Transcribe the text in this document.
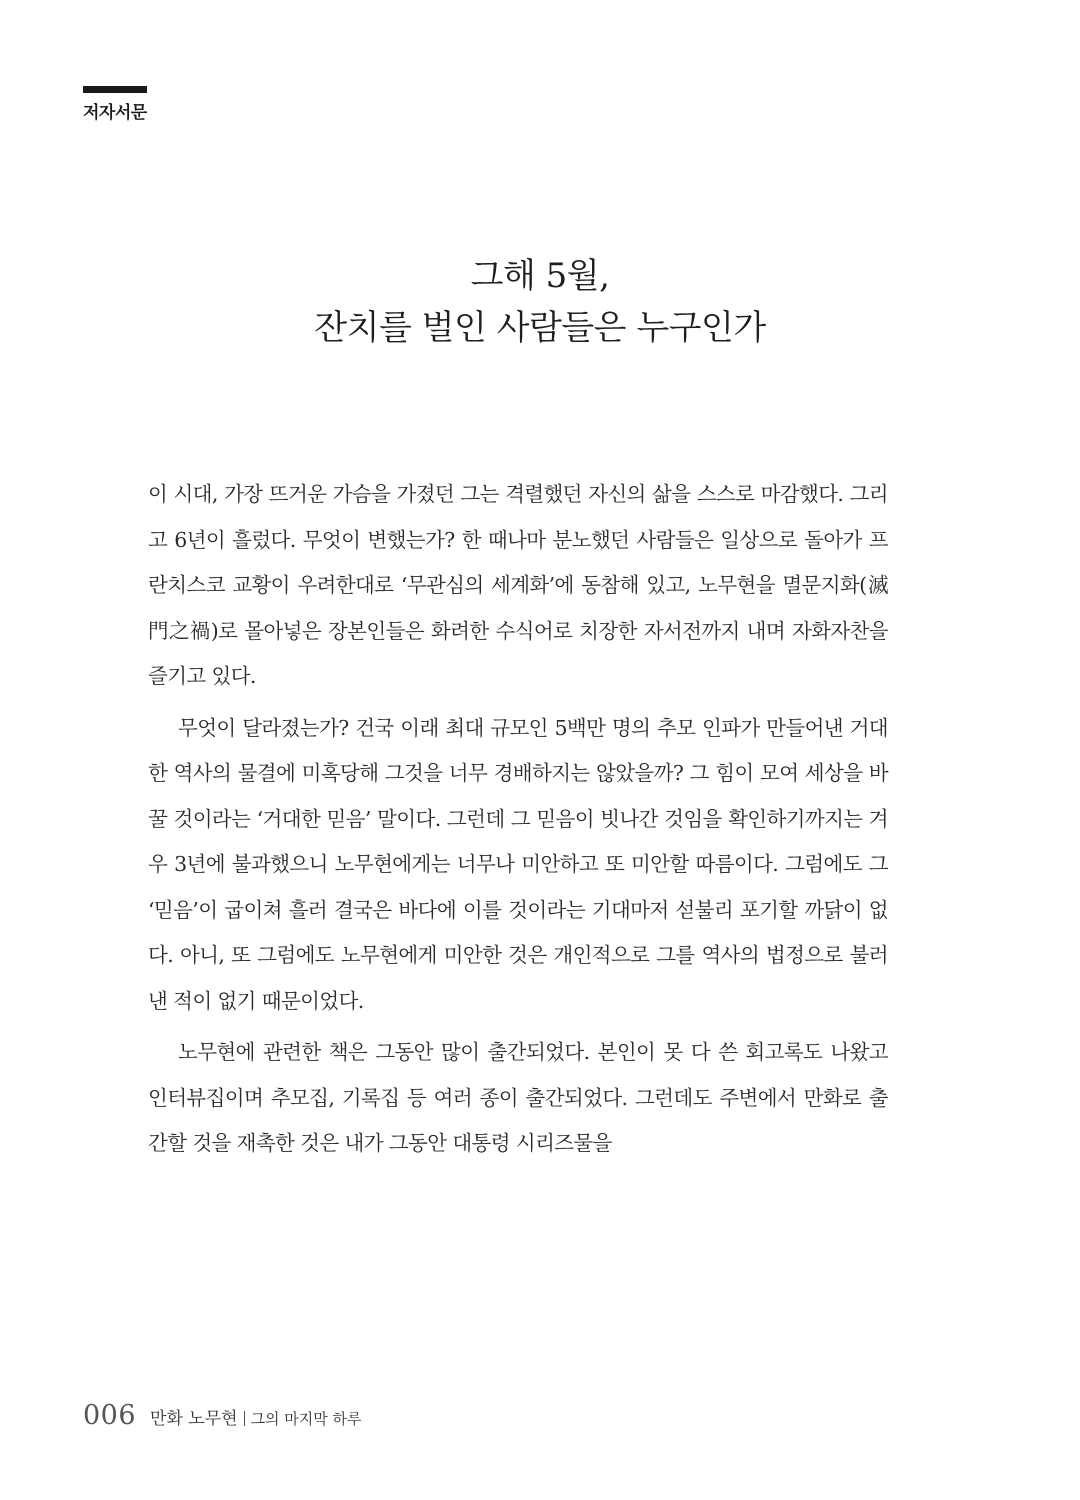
저자서문
그해 5월,
잔치를 벌인 사람들은 누구인가

이 시대, 가장 뜨거운 가슴을 가졌던 그는 격렬했던 자신의 삶을 스스로 마감했다. 그리고 6년이 흘렀다. 무엇이 변했는가? 한 때나마 분노했던 사람들은 일상으로 돌아가 프란치스코 교황이 우려한대로 ‘무관심의 세계화’에 동참해 있고, 노무현을 멸문지화(滅門之禍)로 몰아넣은 장본인들은 화려한 수식어로 치장한 자서전까지 내며 자화자찬을 즐기고 있다.

무엇이 달라졌는가? 건국 이래 최대 규모인 5백만 명의 추모 인파가 만들어낸 거대한 역사의 물결에 미혹당해 그것을 너무 경배하지는 않았을까? 그 힘이 모여 세상을 바꿀 것이라는 ‘거대한 믿음’ 말이다. 그런데 그 믿음이 빗나간 것임을 확인하기까지는 겨우 3년에 불과했으니 노무현에게는 너무나 미안하고 또 미안할 따름이다. 그럼에도 그 ‘믿음’이 굽이쳐 흘러 결국은 바다에 이를 것이라는 기대마저 섣불리 포기할 까닭이 없다. 아니, 또 그럼에도 노무현에게 미안한 것은 개인적으로 그를 역사의 법정으로 불러낸 적이 없기 때문이었다.

노무현에 관련한 책은 그동안 많이 출간되었다. 본인이 못 다 쓴 회고록도 나왔고 인터뷰집이며 추모집, 기록집 등 여러 종이 출간되었다. 그런데도 주변에서 만화로 출간할 것을 재촉한 것은 내가 그동안 대통령 시리즈물을

006 만화 노무현 그의 마지막 하루
